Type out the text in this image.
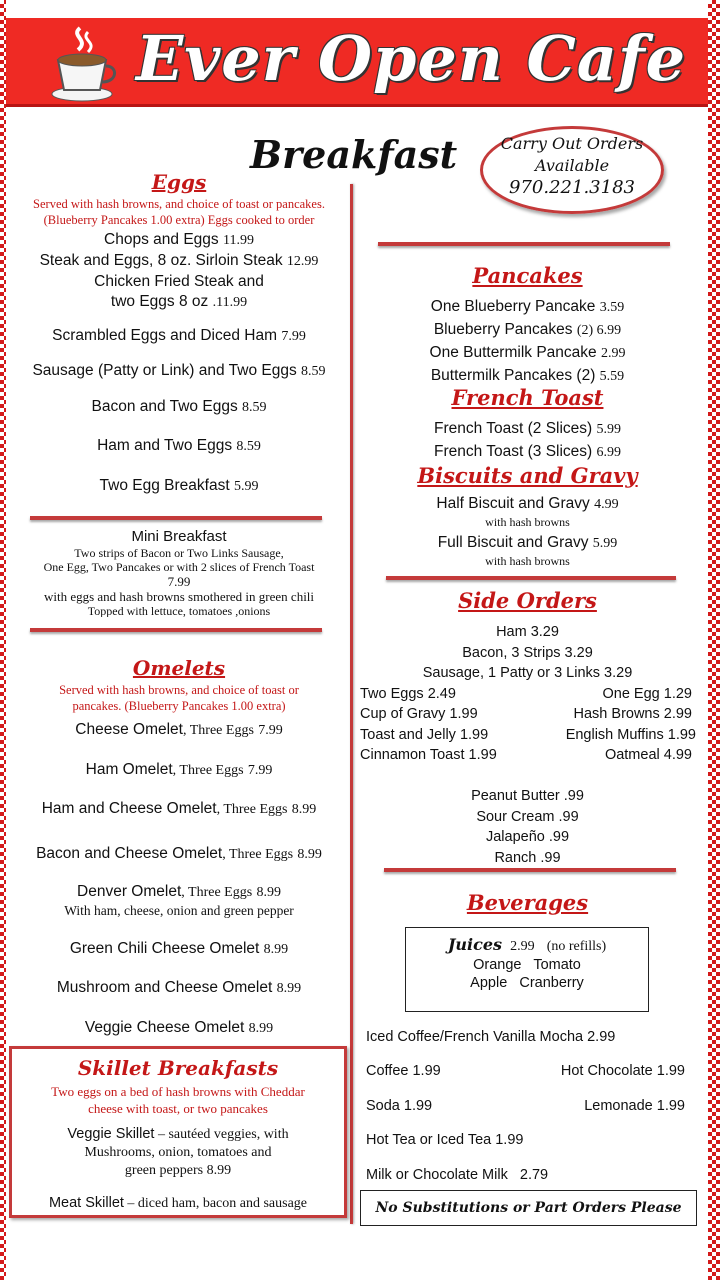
Ever Open Cafe
Breakfast	Carry Out Orders
Available
970.221.3183
Eggs
Served with hash browns, and choice of toast or pancakes.
(Blueberry Pancakes 1.00 extra) Eggs cooked to order
Chops and Eggs 11.99
Steak and Eggs, 8 oz. Sirloin Steak 12.99
Chicken Fried Steak and
two Eggs 8 oz .11.99
Scrambled Eggs and Diced Ham 7.99
Sausage (Patty or Link) and Two Eggs 8.59
Bacon and Two Eggs 8.59
Ham and Two Eggs 8.59
Two Egg Breakfast 5.99
Mini Breakfast
Two strips of Bacon or Two Links Sausage,
One Egg, Two Pancakes or with 2 slices of French Toast
7.99
with eggs and hash browns smothered in green chili
Topped with lettuce, tomatoes ,onions
Omelets
Served with hash browns, and choice of toast or
pancakes. (Blueberry Pancakes 1.00 extra)
Cheese Omelet, Three Eggs 7.99
Ham Omelet, Three Eggs 7.99
Ham and Cheese Omelet, Three Eggs 8.99
Bacon and Cheese Omelet, Three Eggs 8.99
Denver Omelet, Three Eggs 8.99
With ham, cheese, onion and green pepper
Green Chili Cheese Omelet 8.99
Mushroom and Cheese Omelet 8.99
Veggie Cheese Omelet 8.99
Skillet Breakfasts
Two eggs on a bed of hash browns with Cheddar
cheese with toast, or two pancakes
Veggie Skillet – sautéed veggies, with
Mushrooms, onion, tomatoes and
green peppers 8.99
Meat Skillet – diced ham, bacon and sausage
Pancakes
One Blueberry Pancake 3.59
Blueberry Pancakes (2) 6.99
One Buttermilk Pancake 2.99
Buttermilk Pancakes (2) 5.59
French Toast
French Toast (2 Slices) 5.99
French Toast (3 Slices) 6.99
Biscuits and Gravy
Half Biscuit and Gravy 4.99
with hash browns
Full Biscuit and Gravy 5.99
with hash browns
Side Orders
Ham 3.29
Bacon, 3 Strips 3.29
Sausage, 1 Patty or 3 Links 3.29
Two Eggs 2.49	One Egg 1.29
Cup of Gravy 1.99	Hash Browns 2.99
Toast and Jelly 1.99	English Muffins 1.99
Cinnamon Toast 1.99	Oatmeal 4.99
Peanut Butter .99
Sour Cream .99
Jalapeño .99
Ranch .99
Beverages
Juices 2.99 (no refills)
Orange   Tomato
Apple   Cranberry
Iced Coffee/French Vanilla Mocha 2.99
Coffee 1.99	Hot Chocolate 1.99
Soda 1.99	Lemonade 1.99
Hot Tea or Iced Tea 1.99
Milk or Chocolate Milk   2.79
No Substitutions or Part Orders Please
